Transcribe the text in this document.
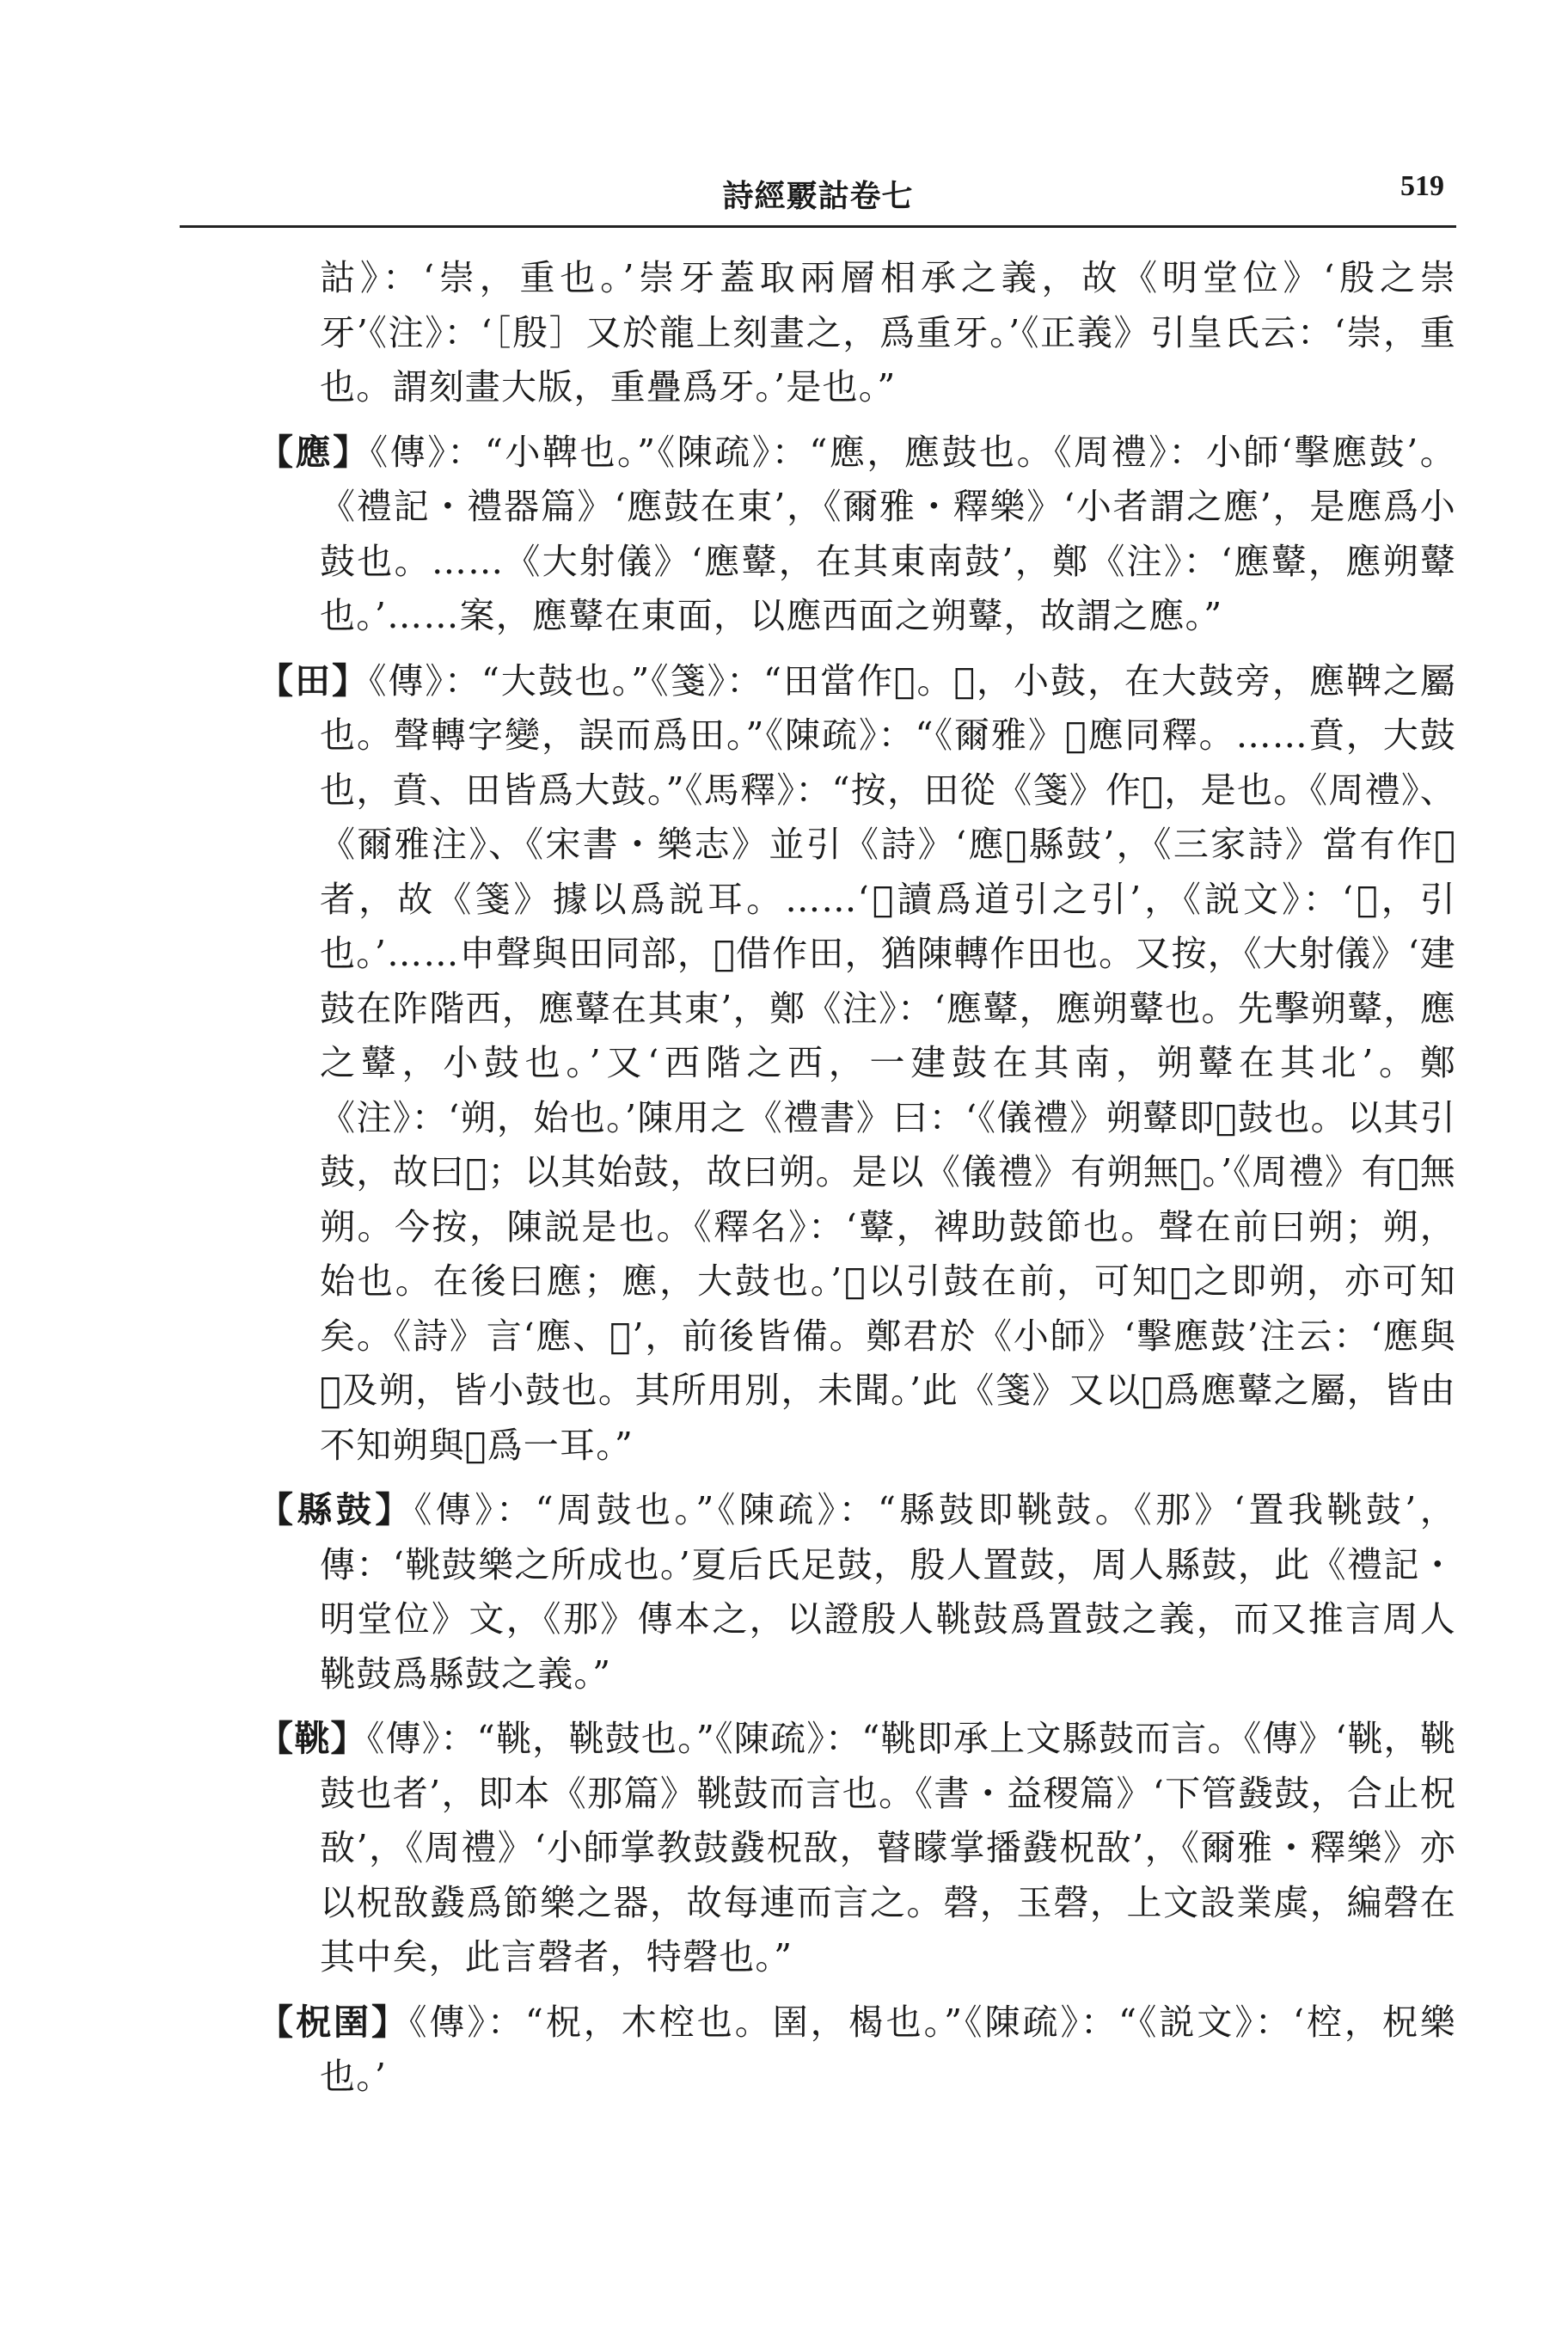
詩經覈詁卷七	519

詁》：‘崇，重也。’崇牙蓋取兩層相承之義，故《明堂位》‘殷之崇牙’《注》：‘［殷］又於龍上刻畫之，爲重牙。’《正義》引皇氏云：‘崇，重也。謂刻畫大版，重疊爲牙。’是也。”

【應】《傳》：“小鞞也。”《陳疏》：“應，應鼓也。《周禮》：小師‘擊應鼓’。《禮記・禮器篇》‘應鼓在東’，《爾雅・釋樂》‘小者謂之應’，是應爲小鼓也。……《大射儀》‘應鼙，在其東南鼓’，鄭《注》：‘應鼙，應朔鼙也。’……案，應鼙在東面，以應西面之朔鼙，故謂之應。”

【田】《傳》：“大鼓也。”《箋》：“田當作𣗥。𣗥，小鼓，在大鼓旁，應鞞之屬也。聲轉字變，誤而爲田。”《陳疏》：“《爾雅》𪔛應同釋。……賁，大鼓也，賁、田皆爲大鼓。”《馬釋》：“按，田從《箋》作𣗥，是也。《周禮》、《爾雅注》、《宋書・樂志》並引《詩》‘應𣗥縣鼓’，《三家詩》當有作𣗥者，故《箋》據以爲説耳。……‘𣗥讀爲道引之引’，《説文》：‘𢼄，引也。’……申聲與田同部，𣗥借作田，猶陳轉作田也。又按，《大射儀》‘建鼓在阼階西，應鼙在其東’，鄭《注》：‘應鼙，應朔鼙也。先擊朔鼙，應之鼙，小鼓也。’又‘西階之西，一建鼓在其南，朔鼙在其北’。鄭《注》：‘朔，始也。’陳用之《禮書》曰：‘《儀禮》朔鼙即𣗥鼓也。以其引鼓，故曰𣗥；以其始鼓，故曰朔。是以《儀禮》有朔無𣗥。’《周禮》有𣗥無朔。今按，陳説是也。《釋名》：‘鼙，裨助鼓節也。聲在前曰朔；朔，始也。在後曰應；應，大鼓也。’𣗥以引鼓在前，可知𣗥之即朔，亦可知矣。《詩》言‘應、𣗥’，前後皆備。鄭君於《小師》‘擊應鼓’注云：‘應與𣗥及朔，皆小鼓也。其所用別，未聞。’此《箋》又以𣗥爲應鼙之屬，皆由不知朔與𣗥爲一耳。”

【縣鼓】《傳》：“周鼓也。”《陳疏》：“縣鼓即鞉鼓。《那》‘置我鞉鼓’，傳：‘鞉鼓樂之所成也。’夏后氏足鼓，殷人置鼓，周人縣鼓，此《禮記・明堂位》文，《那》傳本之，以證殷人鞉鼓爲置鼓之義，而又推言周人鞉鼓爲縣鼓之義。”

【鞉】《傳》：“鞉，鞉鼓也。”《陳疏》：“鞉即承上文縣鼓而言。《傳》‘鞉，鞉鼓也者’，即本《那篇》鞉鼓而言也。《書・益稷篇》‘下管鼗鼓，合止柷敔’，《周禮》‘小師掌教鼓鼗柷敔，瞽矇掌播鼗柷敔’，《爾雅・釋樂》亦以柷敔鼗爲節樂之器，故每連而言之。磬，玉磬，上文設業虡，編磬在其中矣，此言磬者，特磬也。”

【柷圉】《傳》：“柷，木椌也。圉，楬也。”《陳疏》：“《説文》：‘椌，柷樂也。’
